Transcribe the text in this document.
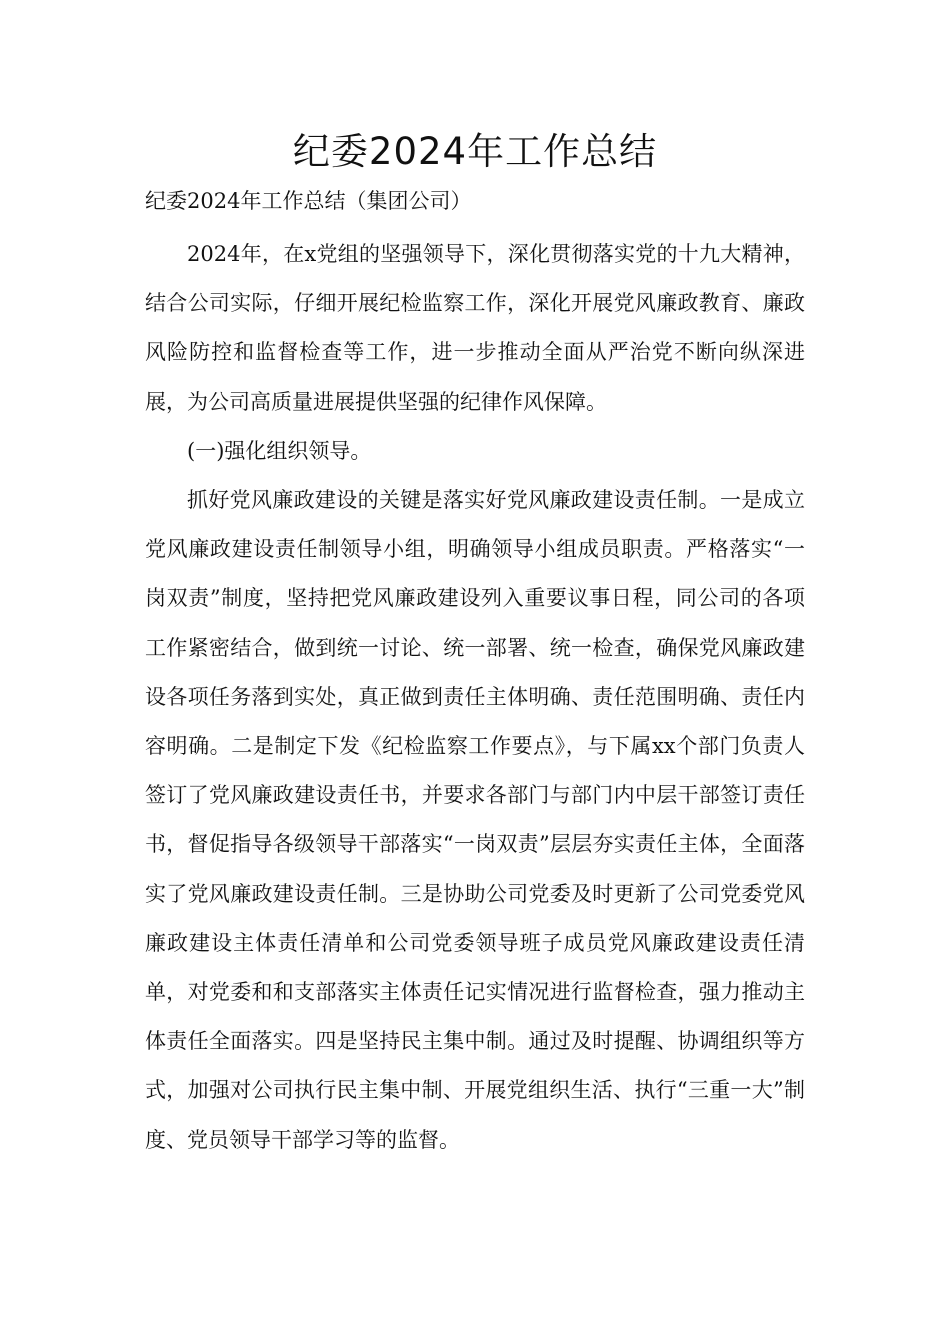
纪委2024年工作总结
纪委2024年工作总结（集团公司）

2024年，在x党组的坚强领导下，深化贯彻落实党的十九大精神，结合公司实际，仔细开展纪检监察工作，深化开展党风廉政教育、廉政风险防控和监督检查等工作，进一步推动全面从严治党不断向纵深进展，为公司高质量进展提供坚强的纪律作风保障。

(一)强化组织领导。

抓好党风廉政建设的关键是落实好党风廉政建设责任制。一是成立党风廉政建设责任制领导小组，明确领导小组成员职责。严格落实“一岗双责”制度，坚持把党风廉政建设列入重要议事日程，同公司的各项工作紧密结合，做到统一讨论、统一部署、统一检查，确保党风廉政建设各项任务落到实处，真正做到责任主体明确、责任范围明确、责任内容明确。二是制定下发《纪检监察工作要点》，与下属xx个部门负责人签订了党风廉政建设责任书，并要求各部门与部门内中层干部签订责任书，督促指导各级领导干部落实“一岗双责”层层夯实责任主体，全面落实了党风廉政建设责任制。三是协助公司党委及时更新了公司党委党风廉政建设主体责任清单和公司党委领导班子成员党风廉政建设责任清单，对党委和和支部落实主体责任记实情况进行监督检查，强力推动主体责任全面落实。四是坚持民主集中制。通过及时提醒、协调组织等方式，加强对公司执行民主集中制、开展党组织生活、执行“三重一大”制度、党员领导干部学习等的监督。
